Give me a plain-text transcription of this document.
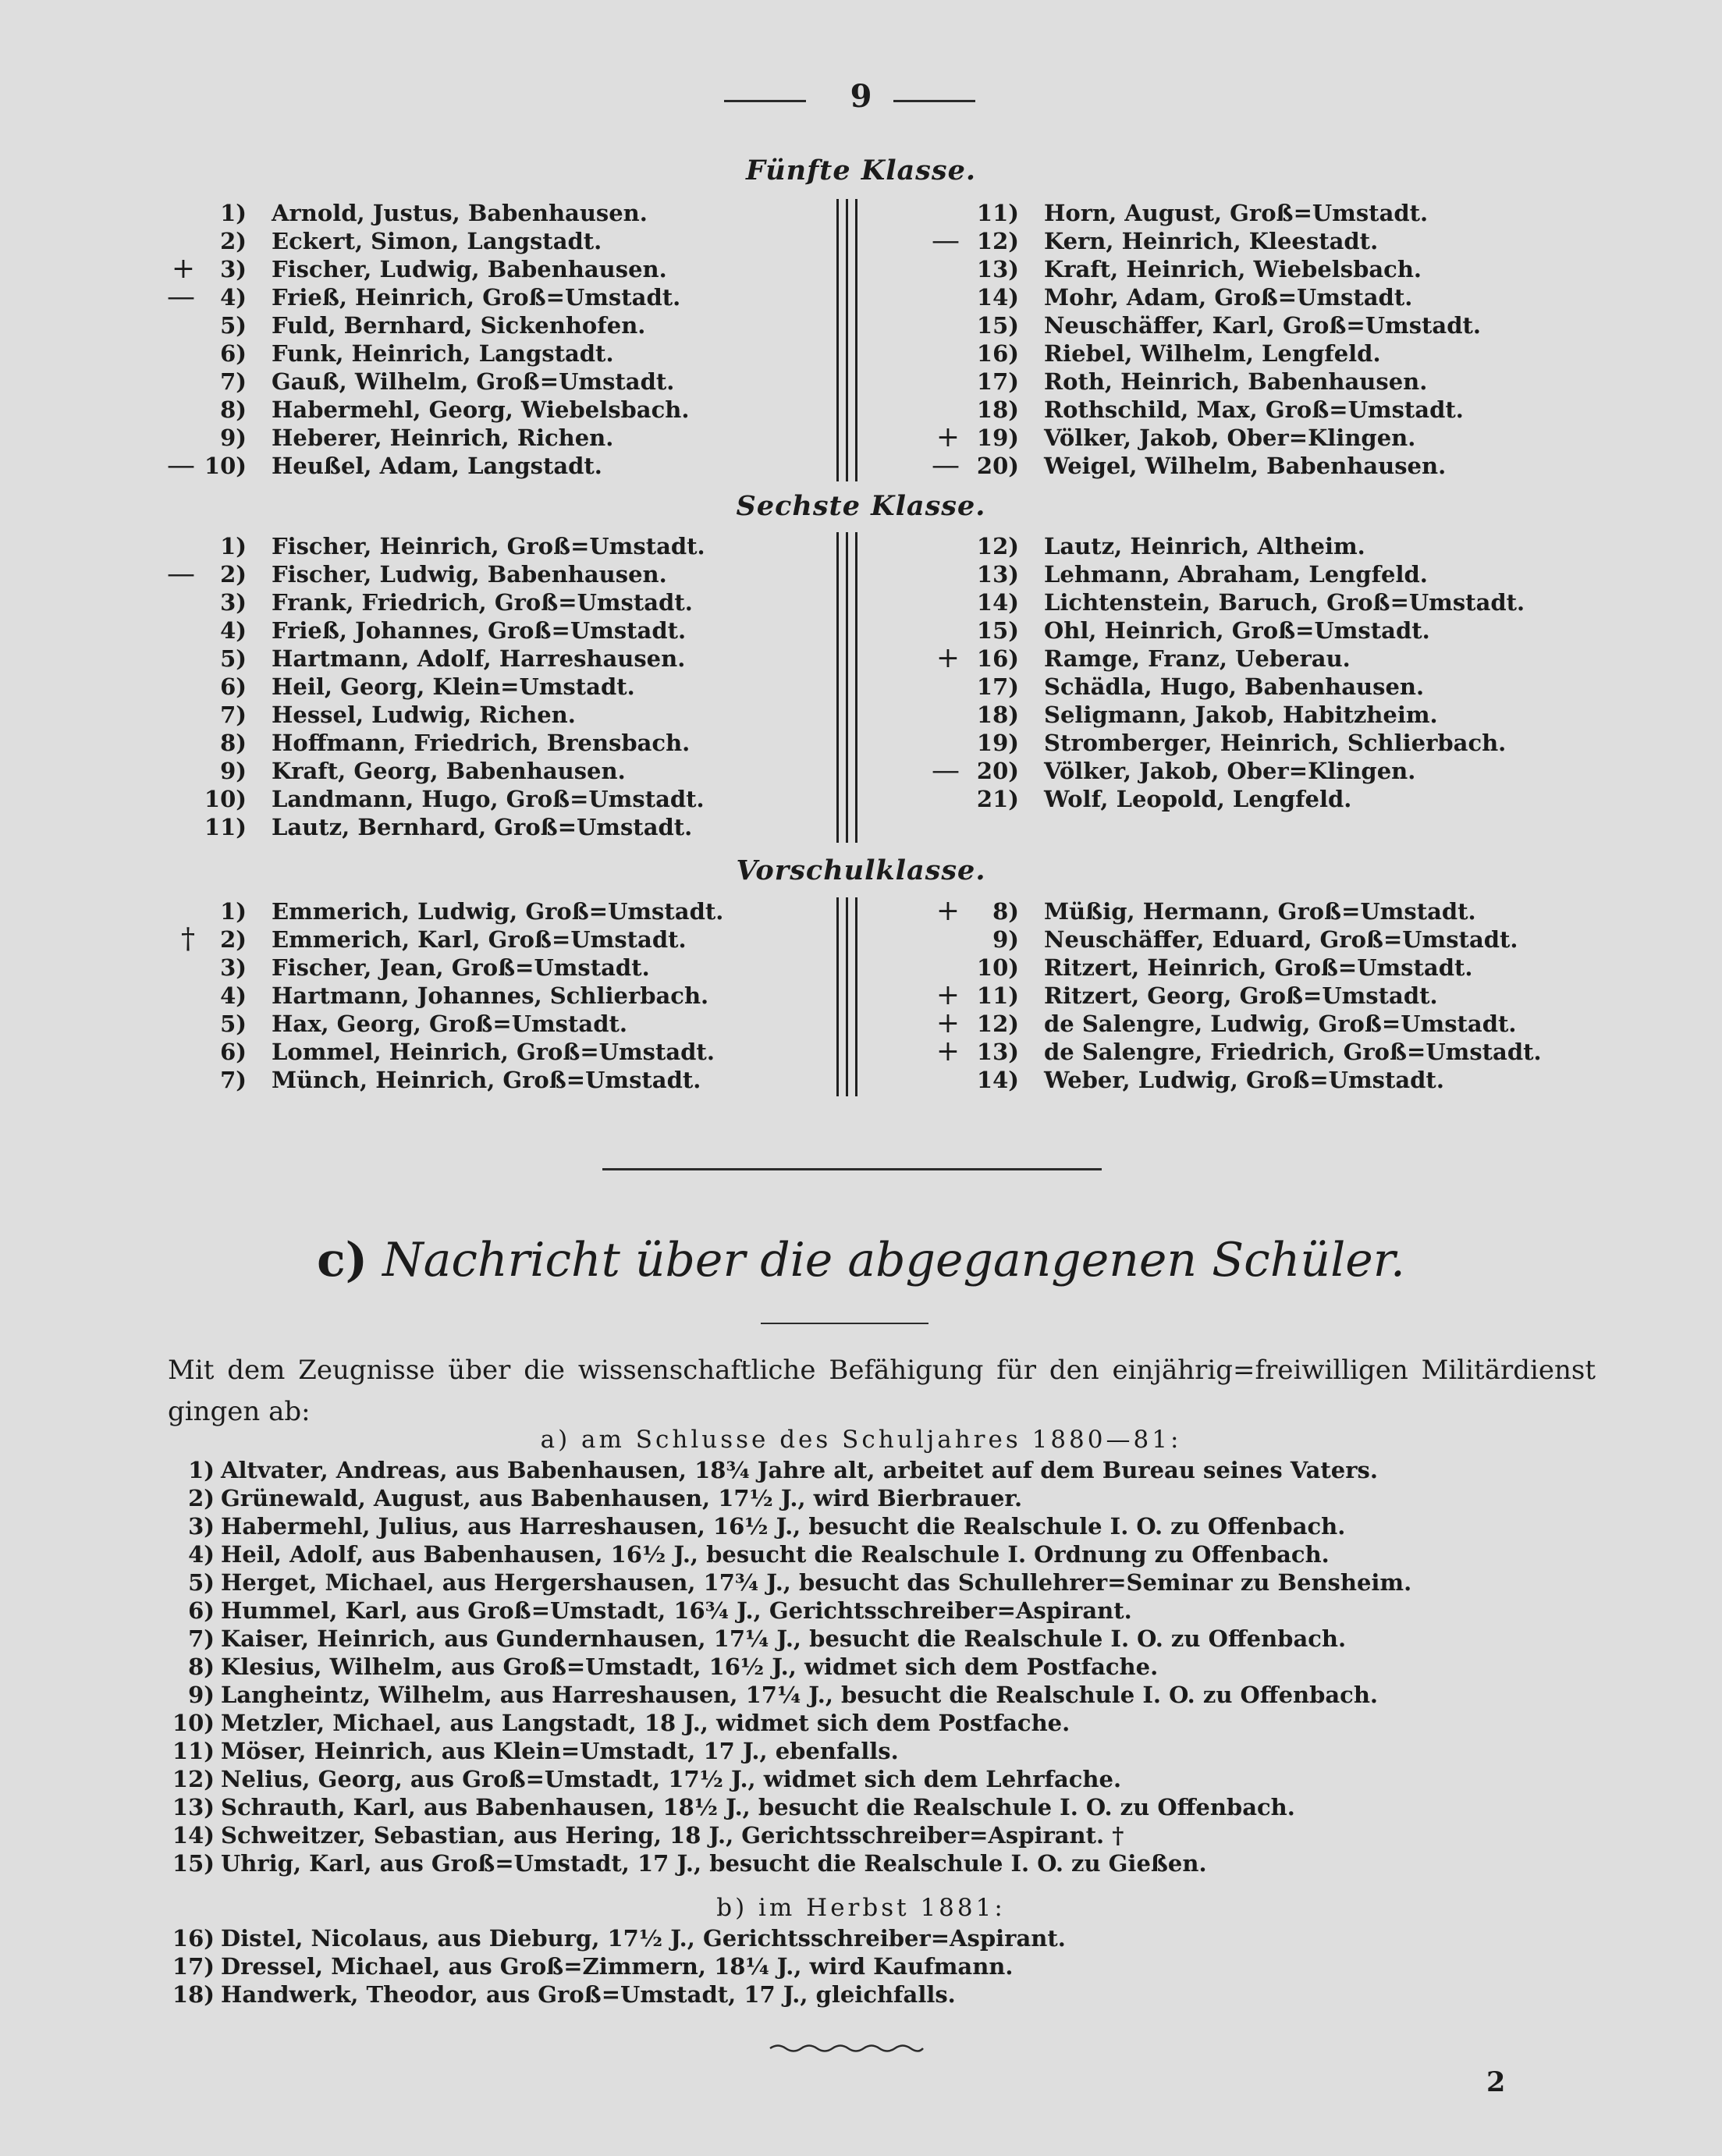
9
Fünfte Klasse.
1) Arnold, Justus, Babenhausen.
2) Eckert, Simon, Langstadt.
+	3) Fischer, Ludwig, Babenhausen.
—	4) Frieß, Heinrich, Groß=Umstadt.
5) Fuld, Bernhard, Sickenhofen.
6) Funk, Heinrich, Langstadt.
7) Gauß, Wilhelm, Groß=Umstadt.
8) Habermehl, Georg, Wiebelsbach.
9) Heberer, Heinrich, Richen.
— 10) Heußel, Adam, Langstadt.
11) Horn, August, Groß=Umstadt.
— 12) Kern, Heinrich, Kleestadt.
13) Kraft, Heinrich, Wiebelsbach.
14) Mohr, Adam, Groß=Umstadt.
15) Neuschäffer, Karl, Groß=Umstadt.
16) Riebel, Wilhelm, Lengfeld.
17) Roth, Heinrich, Babenhausen.
18) Rothschild, Max, Groß=Umstadt.
+ 19) Völker, Jakob, Ober=Klingen.
— 20) Weigel, Wilhelm, Babenhausen.
Sechste Klasse.
1) Fischer, Heinrich, Groß=Umstadt.
—	2) Fischer, Ludwig, Babenhausen.
3) Frank, Friedrich, Groß=Umstadt.
4) Frieß, Johannes, Groß=Umstadt.
5) Hartmann, Adolf, Harreshausen.
6) Heil, Georg, Klein=Umstadt.
7) Hessel, Ludwig, Richen.
8) Hoffmann, Friedrich, Brensbach.
9) Kraft, Georg, Babenhausen.
10) Landmann, Hugo, Groß=Umstadt.
11) Lautz, Bernhard, Groß=Umstadt.
12) Lautz, Heinrich, Altheim.
13) Lehmann, Abraham, Lengfeld.
14) Lichtenstein, Baruch, Groß=Umstadt.
15) Ohl, Heinrich, Groß=Umstadt.
+ 16) Ramge, Franz, Ueberau.
17) Schädla, Hugo, Babenhausen.
18) Seligmann, Jakob, Habitzheim.
19) Stromberger, Heinrich, Schlierbach.
— 20) Völker, Jakob, Ober=Klingen.
21) Wolf, Leopold, Lengfeld.
Vorschulklasse.
1) Emmerich, Ludwig, Groß=Umstadt.
†	2) Emmerich, Karl, Groß=Umstadt.
3) Fischer, Jean, Groß=Umstadt.
4) Hartmann, Johannes, Schlierbach.
5) Hax, Georg, Groß=Umstadt.
6) Lommel, Heinrich, Groß=Umstadt.
7) Münch, Heinrich, Groß=Umstadt.
+	8) Müßig, Hermann, Groß=Umstadt.
9) Neuschäffer, Eduard, Groß=Umstadt.
10) Ritzert, Heinrich, Groß=Umstadt.
+ 11) Ritzert, Georg, Groß=Umstadt.
+ 12) de Salengre, Ludwig, Groß=Umstadt.
+ 13) de Salengre, Friedrich, Groß=Umstadt.
14) Weber, Ludwig, Groß=Umstadt.
c) Nachricht über die abgegangenen Schüler.
Mit dem Zeugnisse über die wissenschaftliche Befähigung für den einjährig=freiwilligen Militärdienst gingen ab:
a) am Schlusse des Schuljahres 1880—81:
1) Altvater, Andreas, aus Babenhausen, 18¾ Jahre alt, arbeitet auf dem Bureau seines Vaters.
2) Grünewald, August, aus Babenhausen, 17½ J., wird Bierbrauer.
3) Habermehl, Julius, aus Harreshausen, 16½ J., besucht die Realschule I. O. zu Offenbach.
4) Heil, Adolf, aus Babenhausen, 16½ J., besucht die Realschule I. Ordnung zu Offenbach.
5) Herget, Michael, aus Hergershausen, 17¾ J., besucht das Schullehrer=Seminar zu Bensheim.
6) Hummel, Karl, aus Groß=Umstadt, 16¾ J., Gerichtsschreiber=Aspirant.
7) Kaiser, Heinrich, aus Gundernhausen, 17¼ J., besucht die Realschule I. O. zu Offenbach.
8) Klesius, Wilhelm, aus Groß=Umstadt, 16½ J., widmet sich dem Postfache.
9) Langheintz, Wilhelm, aus Harreshausen, 17¼ J., besucht die Realschule I. O. zu Offenbach.
10) Metzler, Michael, aus Langstadt, 18 J., widmet sich dem Postfache.
11) Möser, Heinrich, aus Klein=Umstadt, 17 J., ebenfalls.
12) Nelius, Georg, aus Groß=Umstadt, 17½ J., widmet sich dem Lehrfache.
13) Schrauth, Karl, aus Babenhausen, 18½ J., besucht die Realschule I. O. zu Offenbach.
14) Schweitzer, Sebastian, aus Hering, 18 J., Gerichtsschreiber=Aspirant. †
15) Uhrig, Karl, aus Groß=Umstadt, 17 J., besucht die Realschule I. O. zu Gießen.
b) im Herbst 1881:
16) Distel, Nicolaus, aus Dieburg, 17½ J., Gerichtsschreiber=Aspirant.
17) Dressel, Michael, aus Groß=Zimmern, 18¼ J., wird Kaufmann.
18) Handwerk, Theodor, aus Groß=Umstadt, 17 J., gleichfalls.
2
